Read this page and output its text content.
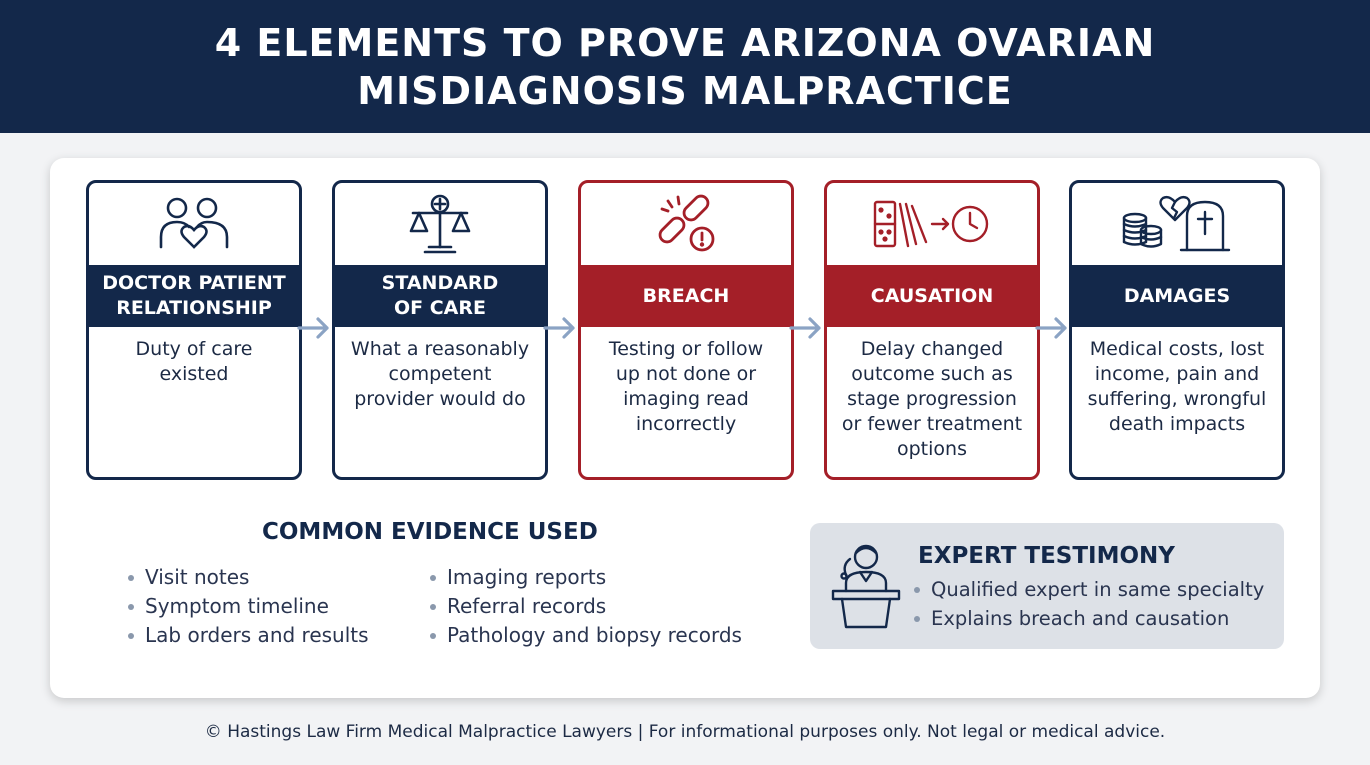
4 ELEMENTS TO PROVE ARIZONA OVARIAN
MISDIAGNOSIS MALPRACTICE
DOCTOR PATIENT
RELATIONSHIP
Duty of care
existed
STANDARD
OF CARE
What a reasonably
competent
provider would do
BREACH
Testing or follow
up not done or
imaging read
incorrectly
CAUSATION
Delay changed
outcome such as
stage progression
or fewer treatment
options
DAMAGES
Medical costs, lost
income, pain and
suffering, wrongful
death impacts
COMMON EVIDENCE USED
Visit notes
Symptom timeline
Lab orders and results
Imaging reports
Referral records
Pathology and biopsy records
EXPERT TESTIMONY
Qualified expert in same specialty
Explains breach and causation
© Hastings Law Firm Medical Malpractice Lawyers | For informational purposes only. Not legal or medical advice.
